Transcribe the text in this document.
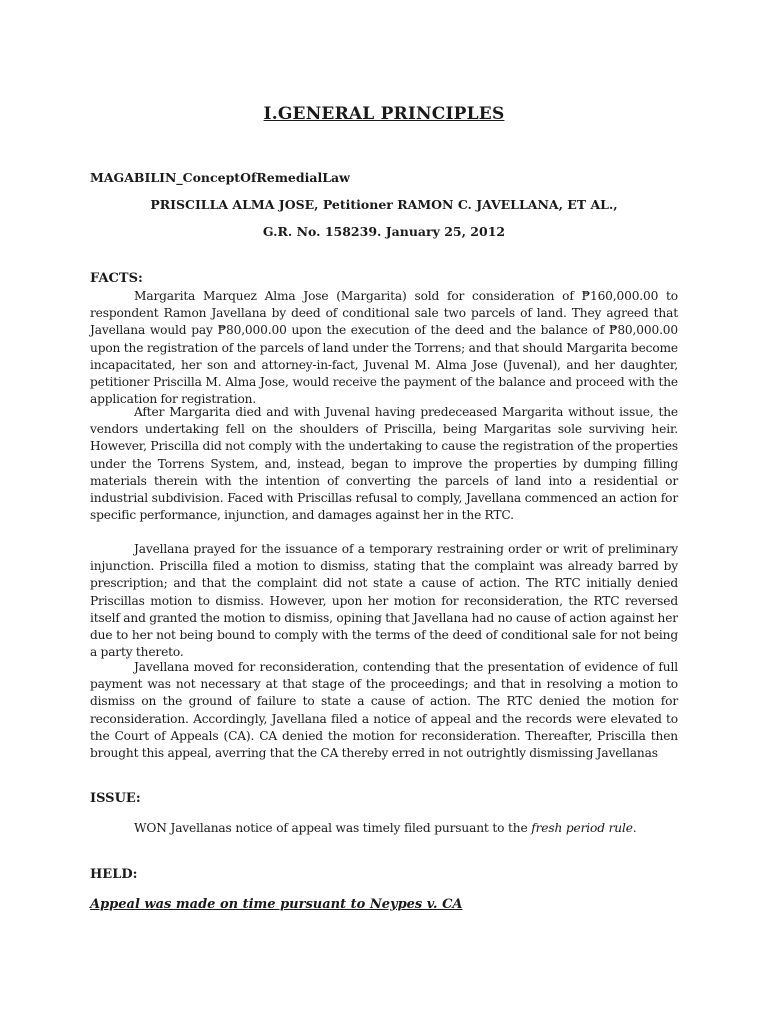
I.GENERAL PRINCIPLES
MAGABILIN_ConceptOfRemedialLaw
PRISCILLA ALMA JOSE, Petitioner RAMON C. JAVELLANA, ET AL.,
G.R. No. 158239. January 25, 2012
FACTS:
Margarita Marquez Alma Jose (Margarita) sold for consideration of ₱160,000.00 to respondent Ramon Javellana by deed of conditional sale two parcels of land. They agreed that Javellana would pay ₱80,000.00 upon the execution of the deed and the balance of ₱80,000.00 upon the registration of the parcels of land under the Torrens; and that should Margarita become incapacitated, her son and attorney-in-fact, Juvenal M. Alma Jose (Juvenal), and her daughter, petitioner Priscilla M. Alma Jose, would receive the payment of the balance and proceed with the application for registration.
After Margarita died and with Juvenal having predeceased Margarita without issue, the vendors undertaking fell on the shoulders of Priscilla, being Margaritas sole surviving heir. However, Priscilla did not comply with the undertaking to cause the registration of the properties under the Torrens System, and, instead, began to improve the properties by dumping filling materials therein with the intention of converting the parcels of land into a residential or industrial subdivision. Faced with Priscillas refusal to comply, Javellana commenced an action for specific performance, injunction, and damages against her in the RTC.
Javellana prayed for the issuance of a temporary restraining order or writ of preliminary injunction. Priscilla filed a motion to dismiss, stating that the complaint was already barred by prescription; and that the complaint did not state a cause of action. The RTC initially denied Priscillas motion to dismiss. However, upon her motion for reconsideration, the RTC reversed itself and granted the motion to dismiss, opining that Javellana had no cause of action against her due to her not being bound to comply with the terms of the deed of conditional sale for not being a party thereto.
Javellana moved for reconsideration, contending that the presentation of evidence of full payment was not necessary at that stage of the proceedings; and that in resolving a motion to dismiss on the ground of failure to state a cause of action. The RTC denied the motion for reconsideration. Accordingly, Javellana filed a notice of appeal and the records were elevated to the Court of Appeals (CA). CA denied the motion for reconsideration. Thereafter, Priscilla then brought this appeal, averring that the CA thereby erred in not outrightly dismissing Javellanas
ISSUE:
WON Javellanas notice of appeal was timely filed pursuant to the fresh period rule.
HELD:
Appeal was made on time pursuant to Neypes v. CA
